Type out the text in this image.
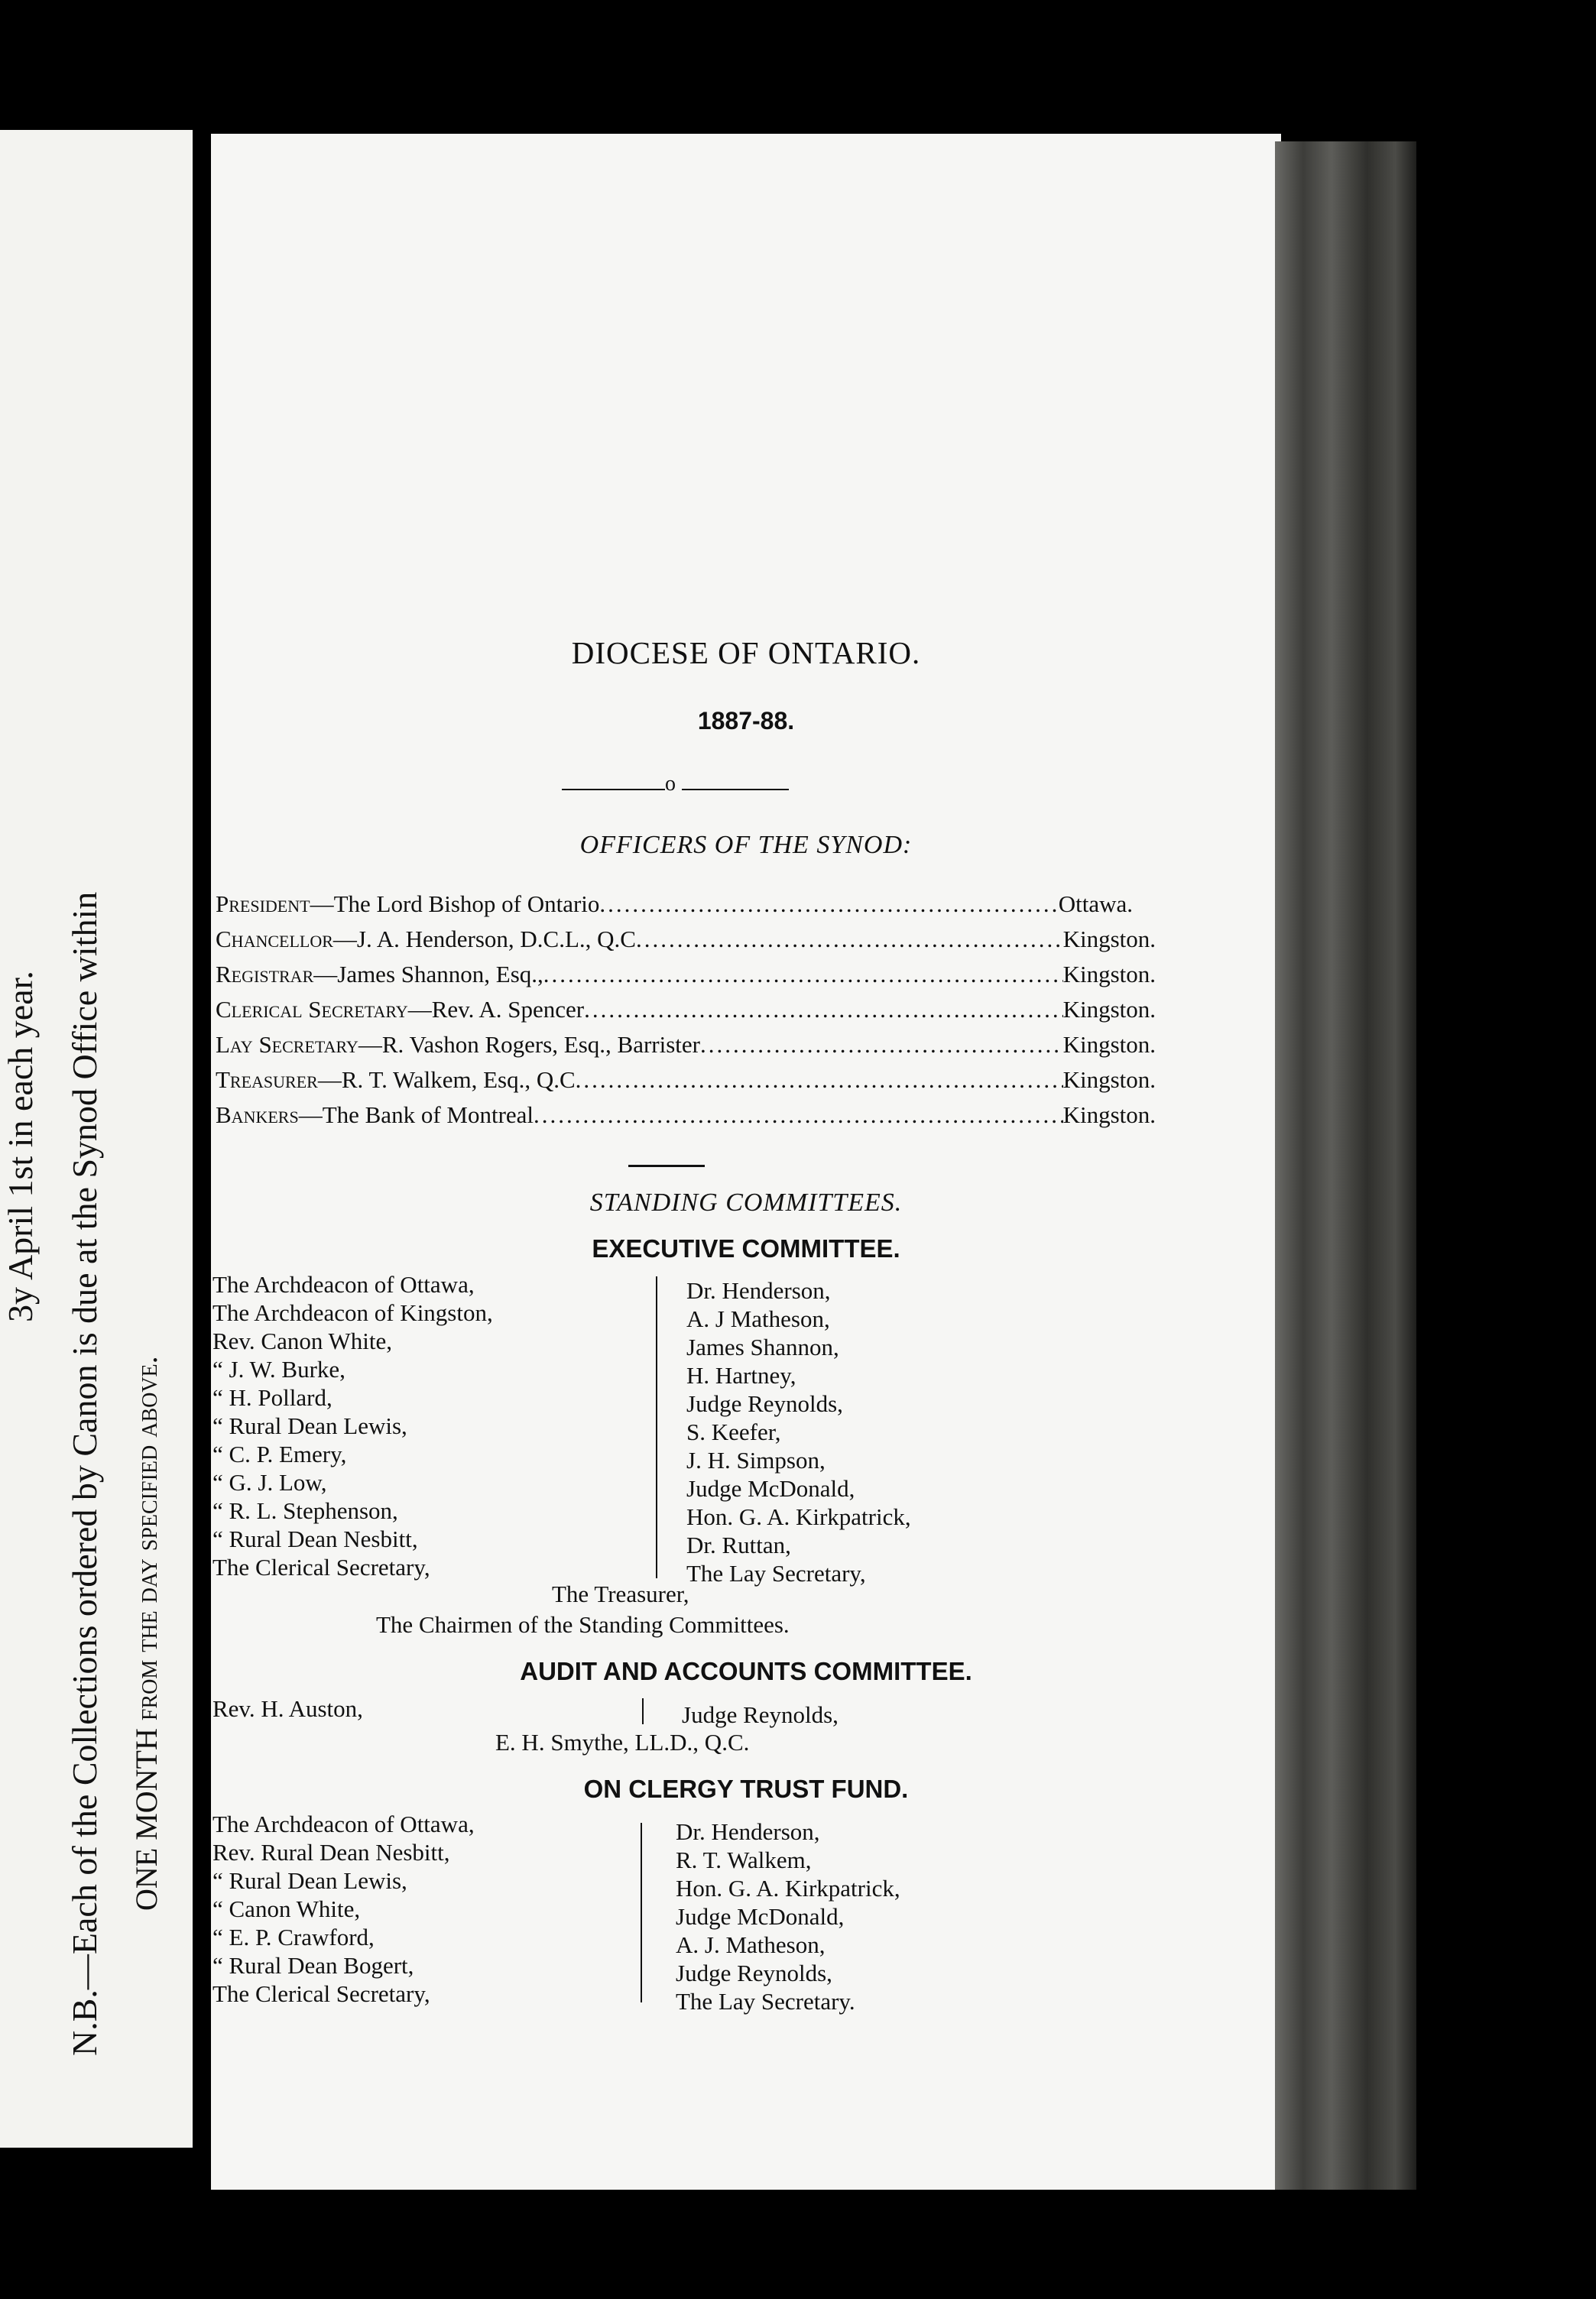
N.B.—Each of the Collections ordered by Canon is due at the Synod Office within ONE MONTH from the day specified above.
3y April 1st in each year.
DIOCESE OF ONTARIO.
1887-88.
o
OFFICERS OF THE SYNOD:
President—The Lord Bishop of Ontario .....	Ottawa.
Chancellor—J. A. Henderson, D.C.L., Q.C .....	Kingston.
Registrar—James Shannon, Esq., .....	Kingston.
Clerical Secretary—Rev. A. Spencer .....	Kingston.
Lay Secretary—R. Vashon Rogers, Esq., Barrister .....	Kingston.
Treasurer—R. T. Walkem, Esq., Q.C .....	Kingston.
Bankers—The Bank of Montreal .....	Kingston.
STANDING COMMITTEES.
EXECUTIVE COMMITTEE.
The Archdeacon of Ottawa,
The Archdeacon of Kingston,
Rev. Canon White,
“ J. W. Burke,
“ H. Pollard,
“ Rural Dean Lewis,
“ C. P. Emery,
“ G. J. Low,
“ R. L. Stephenson,
“ Rural Dean Nesbitt,
The Clerical Secretary,
Dr. Henderson,
A. J Matheson,
James Shannon,
H. Hartney,
Judge Reynolds,
S. Keefer,
J. H. Simpson,
Judge McDonald,
Hon. G. A. Kirkpatrick,
Dr. Ruttan,
The Lay Secretary,
The Treasurer,
The Chairmen of the Standing Committees.
AUDIT AND ACCOUNTS COMMITTEE.
Rev. H. Auston,	Judge Reynolds,
E. H. Smythe, LL.D., Q.C.
ON CLERGY TRUST FUND.
The Archdeacon of Ottawa,
Rev. Rural Dean Nesbitt,
“ Rural Dean Lewis,
“ Canon White,
“ E. P. Crawford,
“ Rural Dean Bogert,
The Clerical Secretary,
Dr. Henderson,
R. T. Walkem,
Hon. G. A. Kirkpatrick,
Judge McDonald,
A. J. Matheson,
Judge Reynolds,
The Lay Secretary.
